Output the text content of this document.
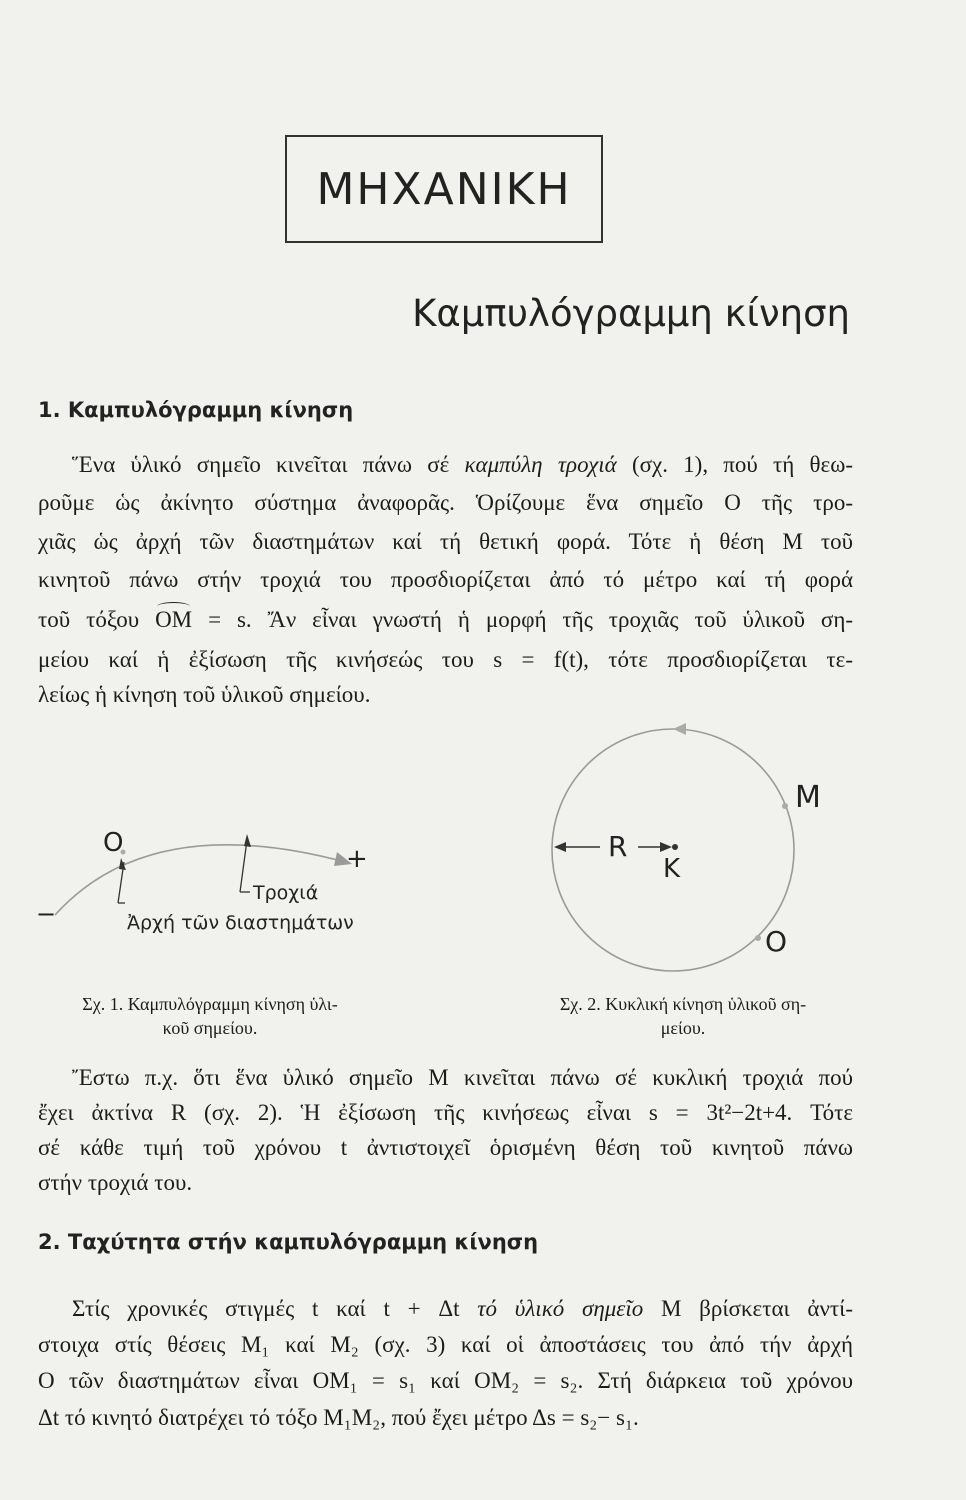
ΜΗΧΑΝΙΚΗ
Καμπυλόγραμμη κίνηση
1. Καμπυλόγραμμη κίνηση
Ἕνα ὑλικό σημεῖο κινεῖται πάνω σέ καμπύλη τροχιά (σχ. 1), πού τή θεω-
ροῦμε ὡς ἀκίνητο σύστημα ἀναφορᾶς. Ὁρίζουμε ἕνα σημεῖο O τῆς τρο-
χιᾶς ὡς ἀρχή τῶν διαστημάτων καί τή θετική φορά. Τότε ἡ θέση M τοῦ
κινητοῦ πάνω στήν τροχιά του προσδιορίζεται ἀπό τό μέτρο καί τή φορά
τοῦ τόξου OM = s. Ἄν εἶναι γνωστή ἡ μορφή τῆς τροχιᾶς τοῦ ὑλικοῦ ση-
μείου καί ἡ ἐξίσωση τῆς κινήσεώς του s = f(t), τότε προσδιορίζεται τε-
λείως ἡ κίνηση τοῦ ὑλικοῦ σημείου.
O
+
−
Τροχιά
Ἀρχή τῶν διαστημάτων
Σχ. 1. Καμπυλόγραμμη κίνηση ὑλι-
κοῦ σημείου.
M
R
K
O
Σχ. 2. Κυκλική κίνηση ὑλικοῦ ση-
μείου.
Ἔστω π.χ. ὅτι ἕνα ὑλικό σημεῖο M κινεῖται πάνω σέ κυκλική τροχιά πού
ἔχει ἀκτίνα R (σχ. 2). Ἡ ἐξίσωση τῆς κινήσεως εἶναι s = 3t²−2t+4. Τότε
σέ κάθε τιμή τοῦ χρόνου t ἀντιστοιχεῖ ὁρισμένη θέση τοῦ κινητοῦ πάνω
στήν τροχιά του.
2. Ταχύτητα στήν καμπυλόγραμμη κίνηση
Στίς χρονικές στιγμές t καί t + Δt τό ὑλικό σημεῖο M βρίσκεται ἀντί-
στοιχα στίς θέσεις M₁ καί M₂ (σχ. 3) καί οἱ ἀποστάσεις του ἀπό τήν ἀρχή
O τῶν διαστημάτων εἶναι OM₁ = s₁ καί OM₂ = s₂. Στή διάρκεια τοῦ χρόνου
Δt τό κινητό διατρέχει τό τόξο M₁M₂, πού ἔχει μέτρο Δs = s₂− s₁.
